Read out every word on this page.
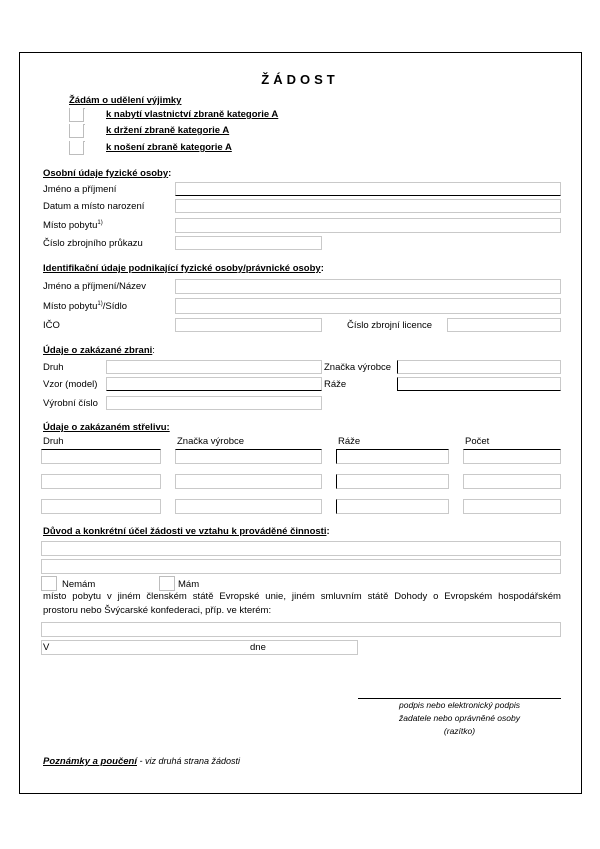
ŽÁDOST
Žádám o udělení výjimky
k nabytí vlastnictví zbraně kategorie A
k držení zbraně kategorie A
k nošení zbraně kategorie A
Osobní údaje fyzické osoby:
Jméno a příjmení
Datum a místo narození
Místo pobytu$^{1)}$
Číslo zbrojního průkazu
Identifikační údaje podnikající fyzické osoby/právnické osoby:
Jméno a příjmení/Název
Místo pobytu$^{1)}$/Sídlo
IČO	Číslo zbrojní licence
Údaje o zakázané zbrani:
Druh	Značka výrobce
Vzor (model)	Ráže
Výrobní číslo
Údaje o zakázaném střelivu:
Druh	Značka výrobce	Ráže	Počet
Důvod a konkrétní účel žádosti ve vztahu k prováděné činnosti:
Nemám	Mám
místo pobytu v jiném členském státě Evropské unie, jiném smluvním státě Dohody o Evropském hospodářském
prostoru nebo Švýcarské konfederaci, příp. ve kterém:
V	dne
podpis nebo elektronický podpis
žadatele nebo oprávněné osoby
(razítko)
Poznámky a poučení - viz druhá strana žádosti
